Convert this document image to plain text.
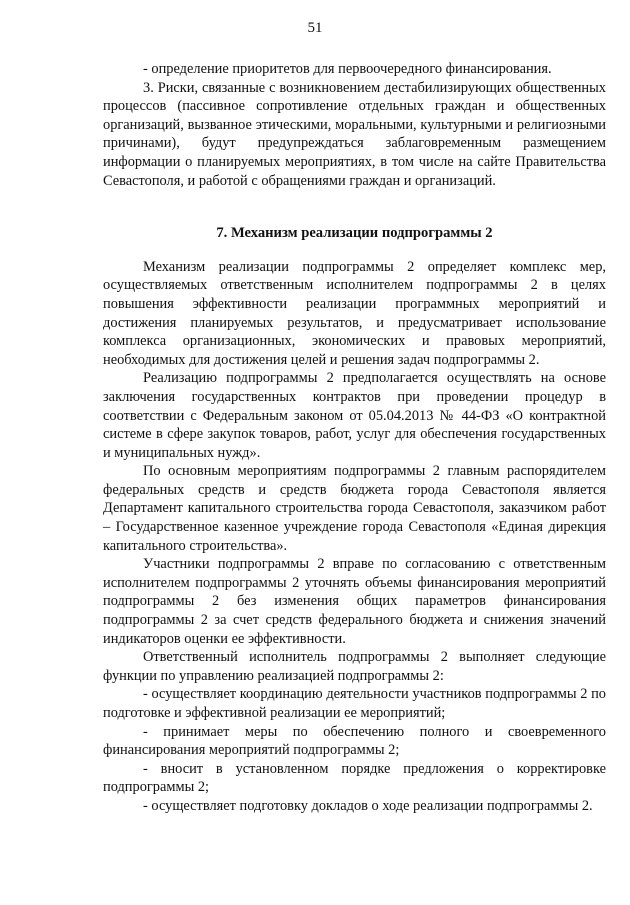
51

- определение приоритетов для первоочередного финансирования.

3. Риски, связанные с возникновением дестабилизирующих общественных процессов (пассивное сопротивление отдельных граждан и общественных организаций, вызванное этическими, моральными, культурными и религиозными причинами), будут предупреждаться заблаговременным размещением информации о планируемых мероприятиях, в том числе на сайте Правительства Севастополя, и работой с обращениями граждан и организаций.

7. Механизм реализации подпрограммы 2

Механизм реализации подпрограммы 2 определяет комплекс мер, осуществляемых ответственным исполнителем подпрограммы 2 в целях повышения эффективности реализации программных мероприятий и достижения планируемых результатов, и предусматривает использование комплекса организационных, экономических и правовых мероприятий, необходимых для достижения целей и решения задач подпрограммы 2.

Реализацию подпрограммы 2 предполагается осуществлять на основе заключения государственных контрактов при проведении процедур в соответствии с Федеральным законом от 05.04.2013 № 44-ФЗ «О контрактной системе в сфере закупок товаров, работ, услуг для обеспечения государственных и муниципальных нужд».

По основным мероприятиям подпрограммы 2 главным распорядителем федеральных средств и средств бюджета города Севастополя является Департамент капитального строительства города Севастополя, заказчиком работ – Государственное казенное учреждение города Севастополя «Единая дирекция капитального строительства».

Участники подпрограммы 2 вправе по согласованию с ответственным исполнителем подпрограммы 2 уточнять объемы финансирования мероприятий подпрограммы 2 без изменения общих параметров финансирования подпрограммы 2 за счет средств федерального бюджета и снижения значений индикаторов оценки ее эффективности.

Ответственный исполнитель подпрограммы 2 выполняет следующие функции по управлению реализацией подпрограммы 2:

- осуществляет координацию деятельности участников подпрограммы 2 по подготовке и эффективной реализации ее мероприятий;

- принимает меры по обеспечению полного и своевременного финансирования мероприятий подпрограммы 2;

- вносит в установленном порядке предложения о корректировке подпрограммы 2;

- осуществляет подготовку докладов о ходе реализации подпрограммы 2.
